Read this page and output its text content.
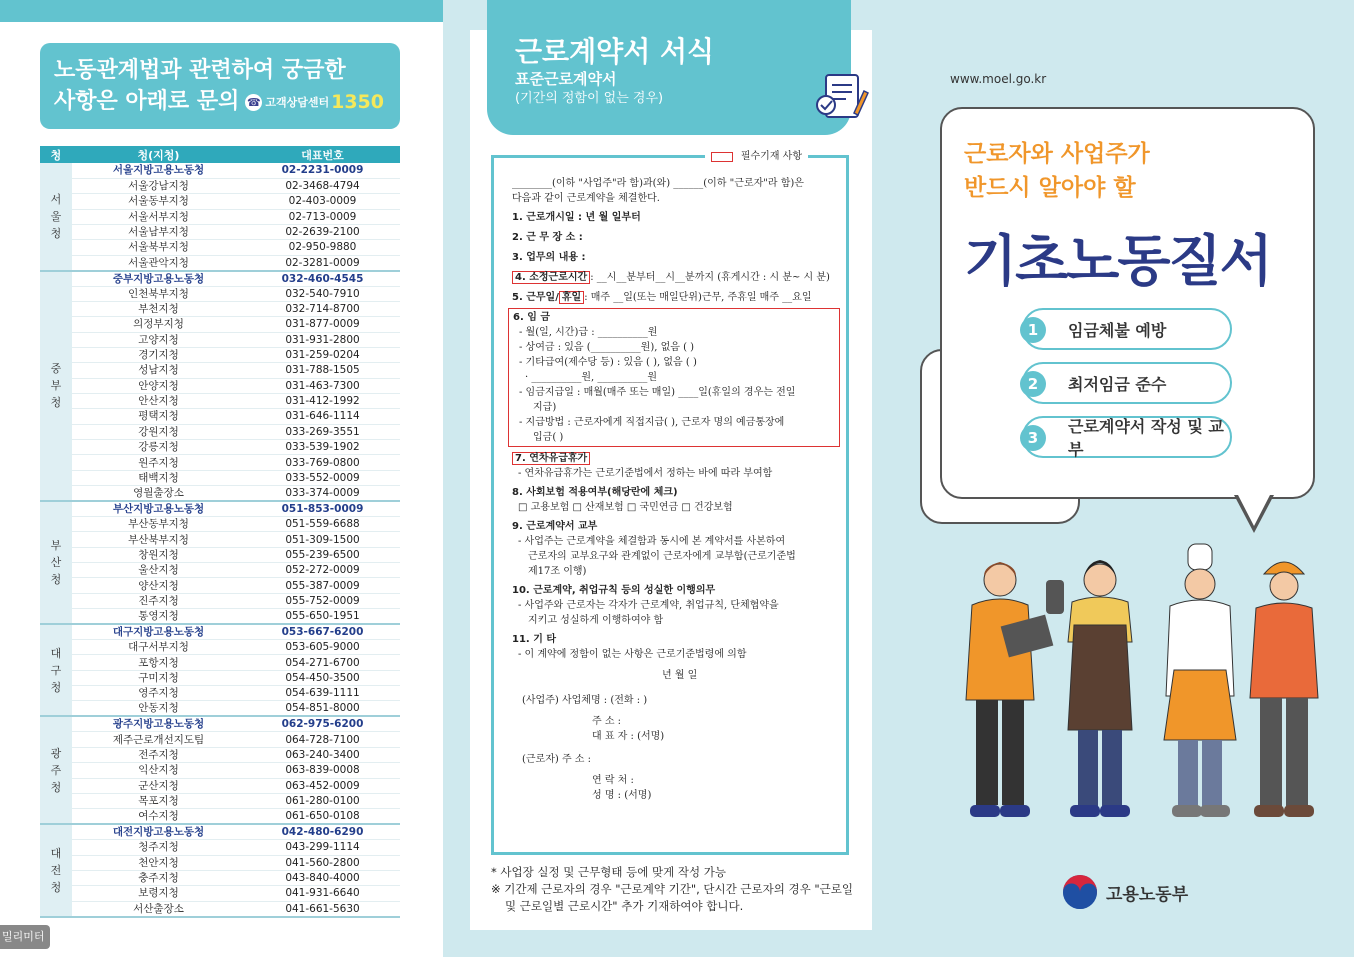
노동관계법과 관련하여 궁금한
사항은 아래로 문의 ☎ 고객상담센터 1350
청	청(지청)	대표번호
서
울
청	서울지방고용노동청	02-2231-0009
	서울강남지청	02-3468-4794
	서울동부지청	02-403-0009
	서울서부지청	02-713-0009
	서울남부지청	02-2639-2100
	서울북부지청	02-950-9880
	서울관악지청	02-3281-0009
중
부
청	중부지방고용노동청	032-460-4545
	인천북부지청	032-540-7910
	부천지청	032-714-8700
	의정부지청	031-877-0009
	고양지청	031-931-2800
	경기지청	031-259-0204
	성남지청	031-788-1505
	안양지청	031-463-7300
	안산지청	031-412-1992
	평택지청	031-646-1114
	강원지청	033-269-3551
	강릉지청	033-539-1902
	원주지청	033-769-0800
	태백지청	033-552-0009
	영월출장소	033-374-0009
부
산
청	부산지방고용노동청	051-853-0009
	부산동부지청	051-559-6688
	부산북부지청	051-309-1500
	창원지청	055-239-6500
	울산지청	052-272-0009
	양산지청	055-387-0009
	진주지청	055-752-0009
	통영지청	055-650-1951
대
구
청	대구지방고용노동청	053-667-6200
	대구서부지청	053-605-9000
	포항지청	054-271-6700
	구미지청	054-450-3500
	영주지청	054-639-1111
	안동지청	054-851-8000
광
주
청	광주지방고용노동청	062-975-6200
	제주근로개선지도팀	064-728-7100
	전주지청	063-240-3400
	익산지청	063-839-0008
	군산지청	063-452-0009
	목포지청	061-280-0100
	여수지청	061-650-0108
대
전
청	대전지방고용노동청	042-480-6290
	청주지청	043-299-1114
	천안지청	041-560-2800
	충주지청	043-840-4000
	보령지청	041-931-6640
	서산출장소	041-661-5630
밀리미터
근로계약서 서식
표준근로계약서
(기간의 정함이 없는 경우)
필수기재 사항
________(이하 "사업주"라 함)과(와) ______(이하 "근로자"라 함)은
다음과 같이 근로계약을 체결한다.
1. 근로개시일 : 년 월 일부터
2. 근 무 장 소 :
3. 업무의 내용 :
4. 소정근로시간 : __시__분부터__시__분까지 (휴게시간 : 시 분~ 시 분)
5. 근무일/ 휴일 : 매주 __일(또는 매일단위)근무, 주휴일 매주 __요일
6. 임 금
- 월(일, 시간)급 : __________원
- 상여금 : 있음 (__________원), 없음 ( )
- 기타급여(제수당 등) : 있음 ( ), 없음 ( )
· __________원, __________원
- 임금지급일 : 매월(매주 또는 매일) ____일(휴일의 경우는 전일
지급)
- 지급방법 : 근로자에게 직접지급( ), 근로자 명의 예금통장에
입금( )
7. 연차유급휴가
- 연차유급휴가는 근로기준법에서 정하는 바에 따라 부여함
8. 사회보험 적용여부(해당란에 체크)
□ 고용보험 □ 산재보험 □ 국민연금 □ 건강보험
9. 근로계약서 교부
- 사업주는 근로계약을 체결함과 동시에 본 계약서를 사본하여
근로자의 교부요구와 관계없이 근로자에게 교부함(근로기준법
제17조 이행)
10. 근로계약, 취업규칙 등의 성실한 이행의무
- 사업주와 근로자는 각자가 근로계약, 취업규칙, 단체협약을
지키고 성실하게 이행하여야 함
11. 기 타
- 이 계약에 정함이 없는 사항은 근로기준법령에 의함
년 월 일
(사업주) 사업체명 : (전화 : )
주 소 :
대 표 자 : (서명)
(근로자) 주 소 :
연 락 처 :
성 명 : (서명)
* 사업장 실정 및 근무형태 등에 맞게 작성 가능
※ 기간제 근로자의 경우 "근로계약 기간", 단시간 근로자의 경우 "근로일
및 근로일별 근로시간" 추가 기재하여야 합니다.
www.moel.go.kr
근로자와 사업주가
반드시 알아야 할
기초노동질서
1	임금체불 예방
2	최저임금 준수
3
근로계약서 작성 및 교부
고용노동부
